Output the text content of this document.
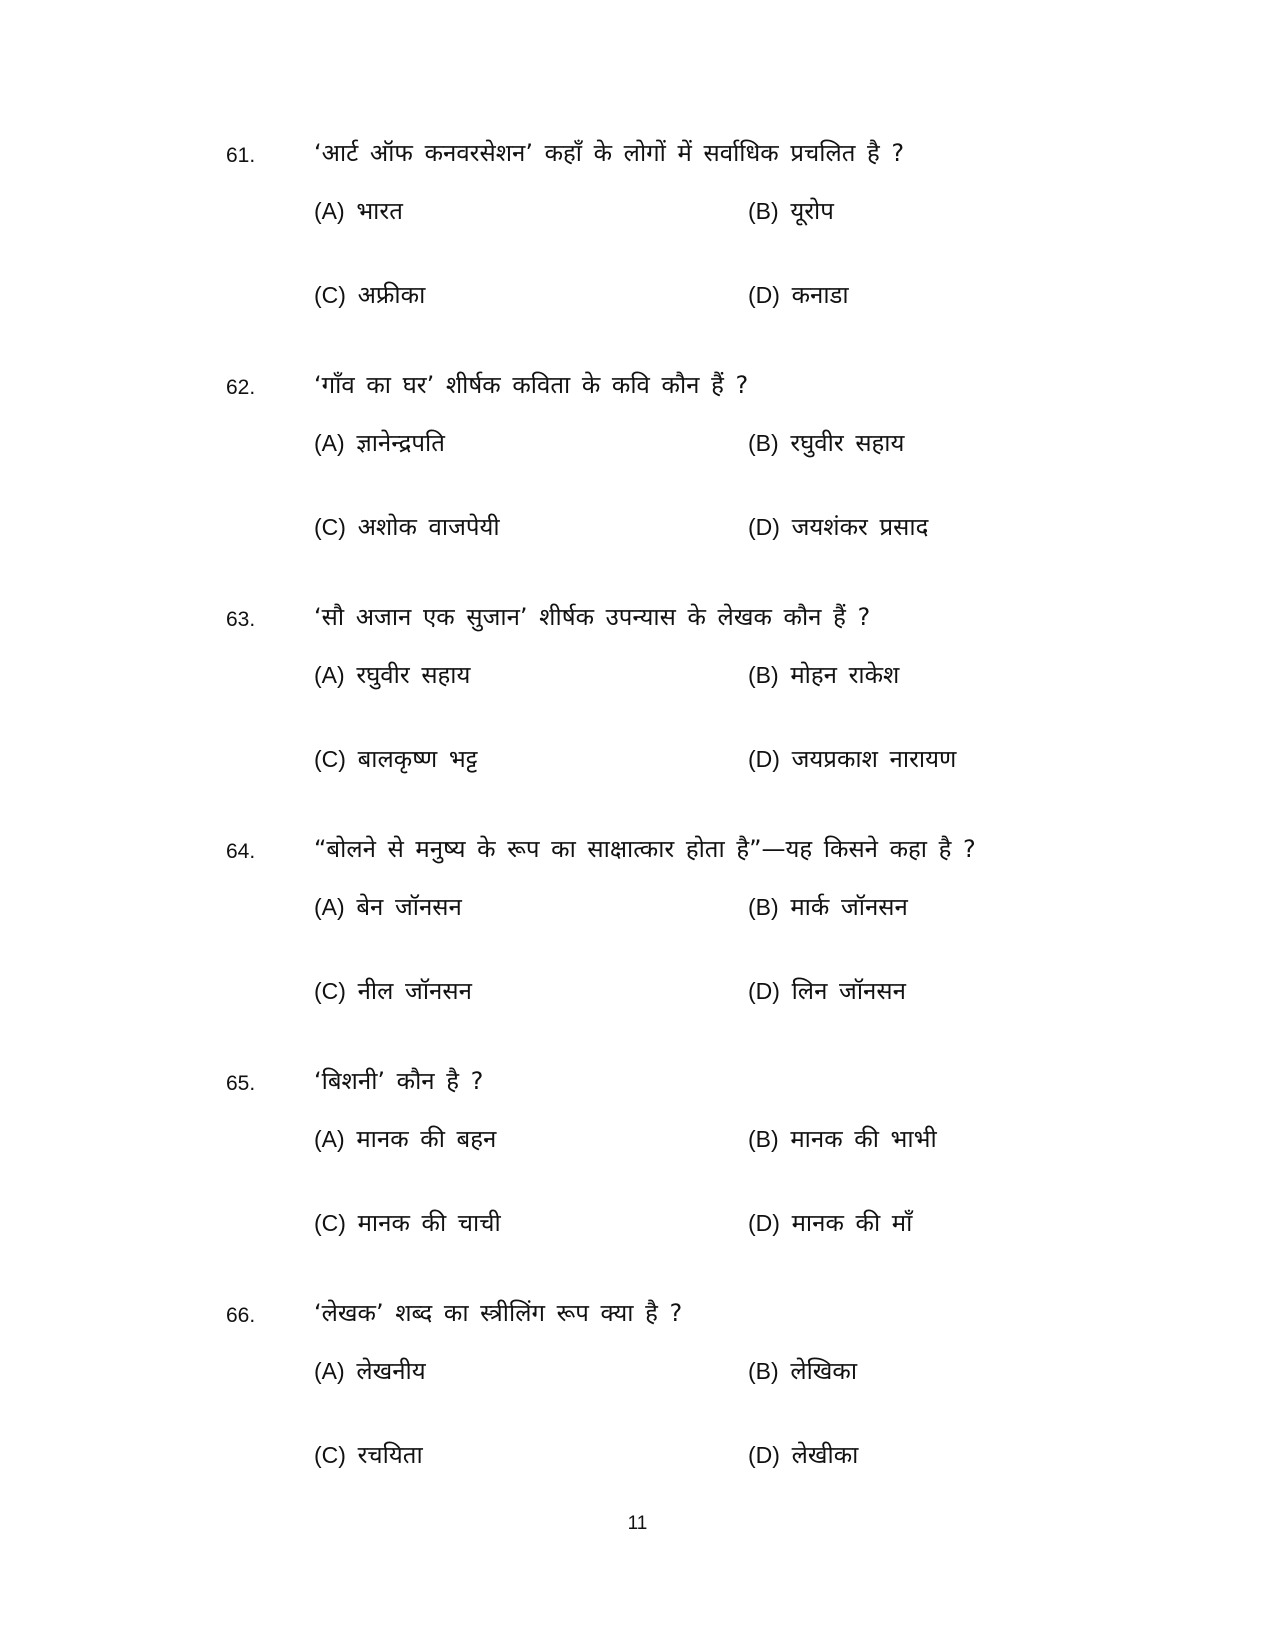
61. ‘आर्ट ऑफ कनवरसेशन’ कहाँ के लोगों में सर्वाधिक प्रचलित है ?
(A) भारत	(B) यूरोप
(C) अफ्रीका	(D) कनाडा
62. ‘गाँव का घर’ शीर्षक कविता के कवि कौन हैं ?
(A) ज्ञानेन्द्रपति	(B) रघुवीर सहाय
(C) अशोक वाजपेयी	(D) जयशंकर प्रसाद
63. ‘सौ अजान एक सुजान’ शीर्षक उपन्यास के लेखक कौन हैं ?
(A) रघुवीर सहाय	(B) मोहन राकेश
(C) बालकृष्ण भट्ट	(D) जयप्रकाश नारायण
64. “बोलने से मनुष्य के रूप का साक्षात्कार होता है”—यह किसने कहा है ?
(A) बेन जॉनसन	(B) मार्क जॉनसन
(C) नील जॉनसन	(D) लिन जॉनसन
65. ‘बिशनी’ कौन है ?
(A) मानक की बहन	(B) मानक की भाभी
(C) मानक की चाची	(D) मानक की माँ
66. ‘लेखक’ शब्द का स्त्रीलिंग रूप क्या है ?
(A) लेखनीय	(B) लेखिका
(C) रचयिता	(D) लेखीका
11
